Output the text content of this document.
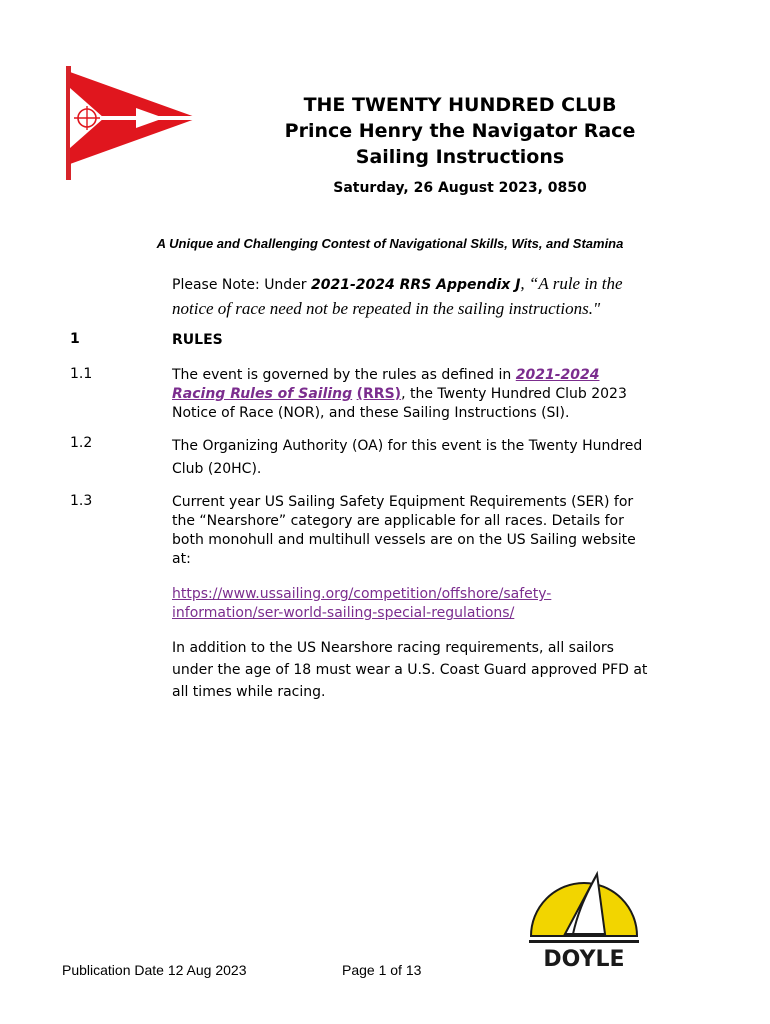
THE TWENTY HUNDRED CLUB
Prince Henry the Navigator Race
Sailing Instructions
Saturday, 26 August 2023, 0850
A Unique and Challenging Contest of Navigational Skills, Wits, and Stamina
Please Note: Under 2021-2024 RRS Appendix J, “A rule in the
notice of race need not be repeated in the sailing instructions."
1	RULES
1.1	The event is governed by the rules as defined in 2021-2024
Racing Rules of Sailing (RRS), the Twenty Hundred Club 2023
Notice of Race (NOR), and these Sailing Instructions (SI).
1.2	The Organizing Authority (OA) for this event is the Twenty Hundred
Club (20HC).
1.3	Current year US Sailing Safety Equipment Requirements (SER) for
the “Nearshore” category are applicable for all races. Details for
both monohull and multihull vessels are on the US Sailing website
at:
https://www.ussailing.org/competition/offshore/safety-
information/ser-world-sailing-special-regulations/
In addition to the US Nearshore racing requirements, all sailors
under the age of 18 must wear a U.S. Coast Guard approved PFD at
all times while racing.
Publication Date 12 Aug 2023	Page 1 of 13	DOYLE
